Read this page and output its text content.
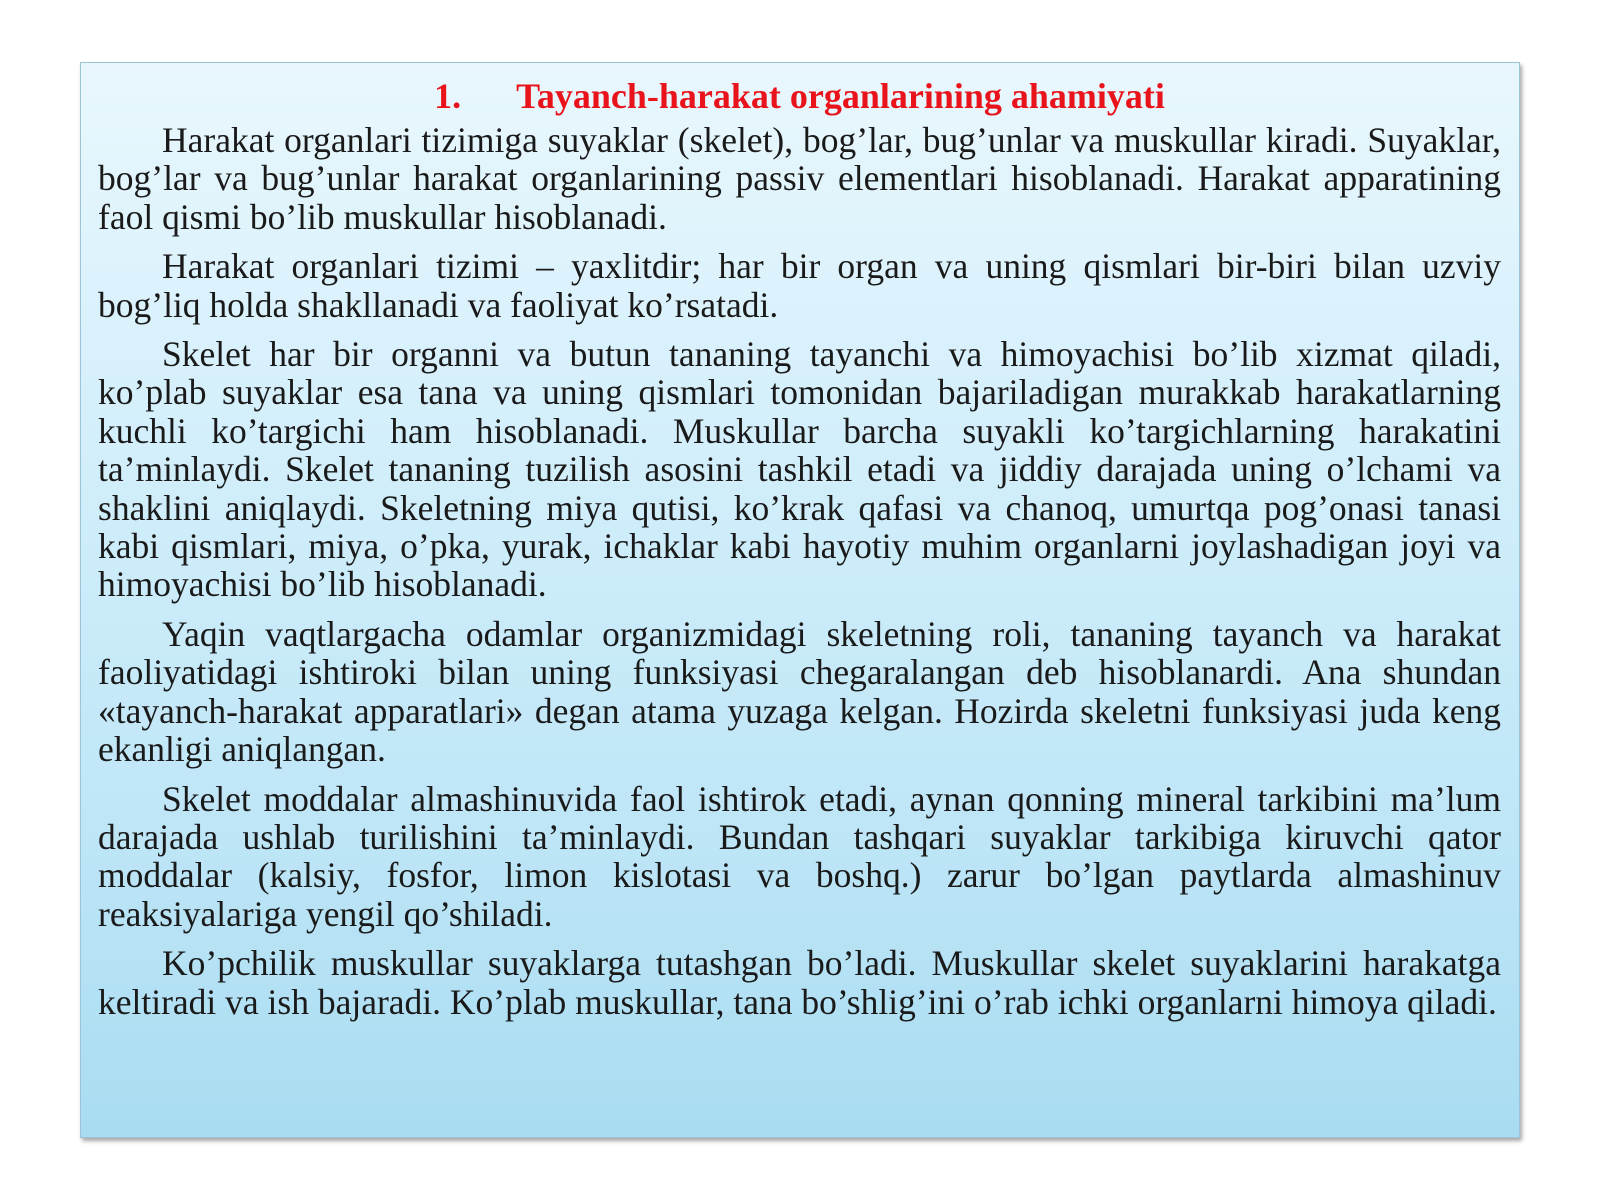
1. Tayanch-harakat organlarining ahamiyati

Harakat organlari tizimiga suyaklar (skelet), bog’lar, bug’unlar va muskullar kiradi. Suyaklar, bog’lar va bug’unlar harakat organlarining passiv elementlari hisoblanadi. Harakat apparatining faol qismi bo’lib muskullar hisoblanadi.

Harakat organlari tizimi – yaxlitdir; har bir organ va uning qismlari bir-biri bilan uzviy bog’liq holda shakllanadi va faoliyat ko’rsatadi.

Skelet har bir organni va butun tananing tayanchi va himoyachisi bo’lib xizmat qiladi, ko’plab suyaklar esa tana va uning qismlari tomonidan bajariladigan murakkab harakatlarning kuchli ko’targichi ham hisoblanadi. Muskullar barcha suyakli ko’targichlarning harakatini ta’minlaydi. Skelet tananing tuzilish asosini tashkil etadi va jiddiy darajada uning o’lchami va shaklini aniqlaydi. Skeletning miya qutisi, ko’krak qafasi va chanoq, umurtqa pog’onasi tanasi kabi qismlari, miya, o’pka, yurak, ichaklar kabi hayotiy muhim organlarni joylashadigan joyi va himoyachisi bo’lib hisoblanadi.

Yaqin vaqtlargacha odamlar organizmidagi skeletning roli, tananing tayanch va harakat faoliyatidagi ishtiroki bilan uning funksiyasi chegaralangan deb hisoblanardi. Ana shundan «tayanch-harakat apparatlari» degan atama yuzaga kelgan. Hozirda skeletni funksiyasi juda keng ekanligi aniqlangan.

Skelet moddalar almashinuvida faol ishtirok etadi, aynan qonning mineral tarkibini ma’lum darajada ushlab turilishini ta’minlaydi. Bundan tashqari suyaklar tarkibiga kiruvchi qator moddalar (kalsiy, fosfor, limon kislotasi va boshq.) zarur bo’lgan paytlarda almashinuv reaksiyalariga yengil qo’shiladi.

Ko’pchilik muskullar suyaklarga tutashgan bo’ladi. Muskullar skelet suyaklarini harakatga keltiradi va ish bajaradi. Ko’plab muskullar, tana bo’shlig’ini o’rab ichki organlarni himoya qiladi.
